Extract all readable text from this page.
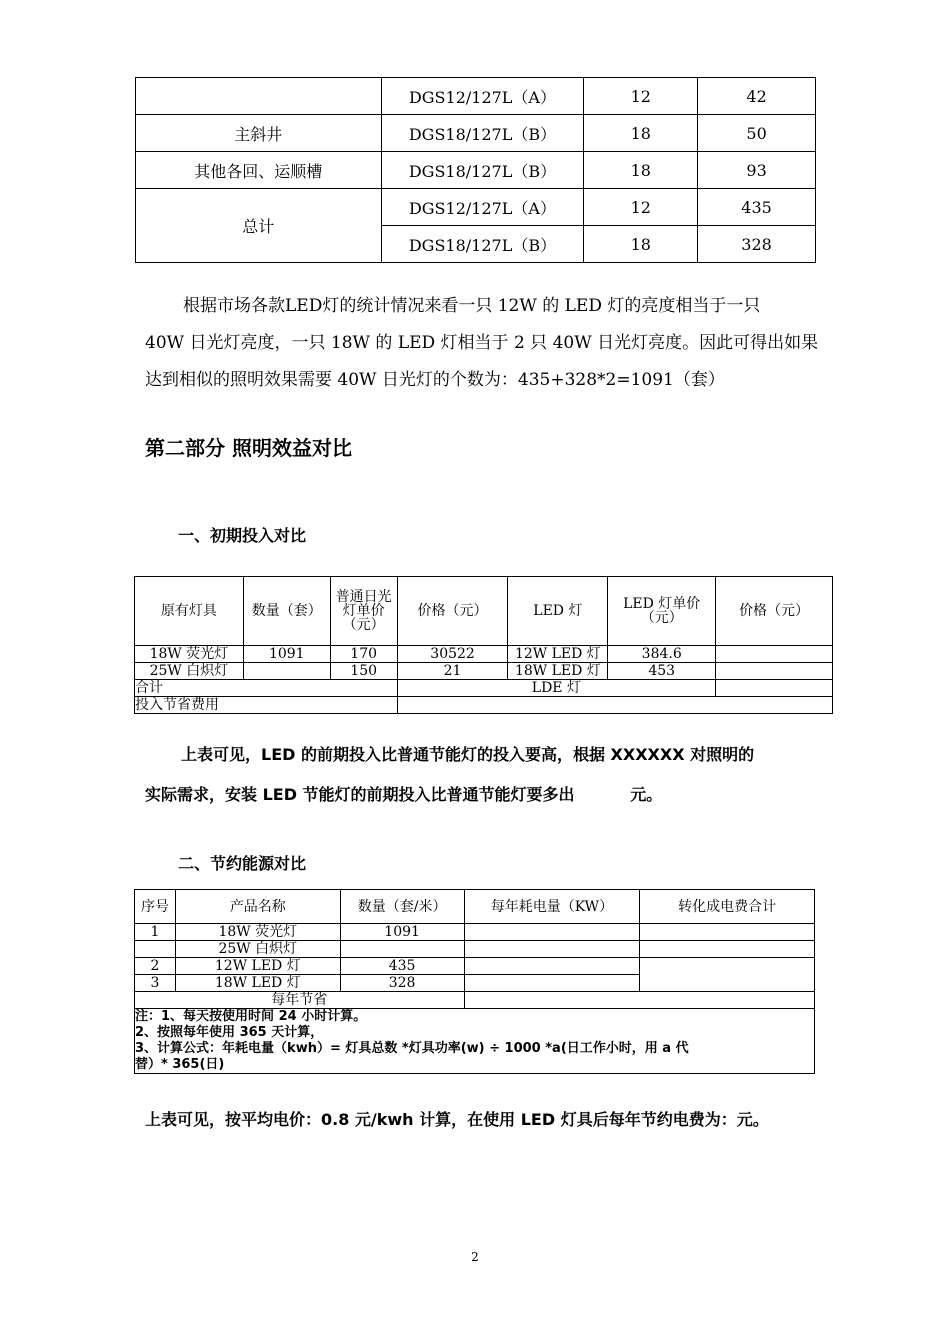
	DGS12/127L（A）	12	42
主斜井	DGS18/127L（B）	18	50
其他各回、运顺槽	DGS18/127L（B）	18	93
总计	DGS12/127L（A）	12	435
	DGS18/127L（B）	18	328

根据市场各款LED灯的统计情况来看一只 12W 的 LED 灯的亮度相当于一只

40W 日光灯亮度，一只 18W 的 LED 灯相当于 2 只 40W 日光灯亮度。因此可得出如果

达到相似的照明效果需要 40W 日光灯的个数为：435+328*2=1091（套）

第二部分 照明效益对比
一、初期投入对比
原有灯具	数量（套）	普通日光灯单价（元）	价格（元）	LED 灯	LED 灯单价（元）	价格（元）
18W 荧光灯	1091	170	30522	12W LED 灯	384.6	
25W 白炽灯		150	21	18W LED 灯	453	
合计			LDE 灯			
投入节省费用						

上表可见，LED 的前期投入比普通节能灯的投入要高，根据 XXXXXX 对照明的

实际需求，安装 LED 节能灯的前期投入比普通节能灯要多出          元。

二、节约能源对比
序号	产品名称	数量（套/米）	每年耗电量（KW）	转化成电费合计
1	18W 荧光灯	1091		
	25W 白炽灯			
2	12W LED 灯	435		
3	18W LED 灯	328		
每年节省				

注：1、每天按使用时间 24 小时计算。
2、按照每年使用 365 天计算，
3、计算公式：年耗电量（kwh）= 灯具总数 *灯具功率(w) ÷ 1000 *a(日工作小时，用 a 代
替）* 365(日)				
上表可见，按平均电价：0.8 元/kwh 计算，在使用 LED 灯具后每年节约电费为：元。
2
